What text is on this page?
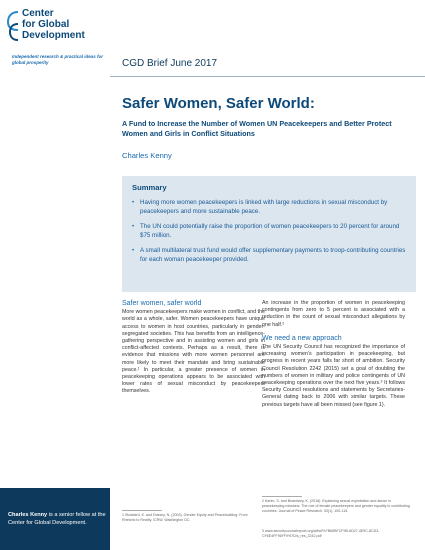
Center
for Global
Development
Independent research & practical ideas for global prosperity
Charles Kenny is a senior fellow at the Center for Global Development.
CGD Brief June 2017
Safer Women, Safer World:
A Fund to Increase the Number of Women UN Peacekeepers and Better Protect Women and Girls in Conflict Situations
Charles Kenny
Summary
• Having more women peacekeepers is linked with large reductions in sexual misconduct by peacekeepers and more sustainable peace.
• The UN could potentially raise the proportion of women peacekeepers to 20 percent for around $75 million.
• A small multilateral trust fund would offer supplementary payments to troop-contributing countries for each woman peacekeeper provided.
Safer women, safer world

More women peacekeepers make women in conflict, and the world as a whole, safer. Women peacekeepers have unique access to women in host countries, particularly in gender-segregated societies. This has benefits from an intelligence-gathering perspective and in assisting women and girls in conflict-affected contexts. Perhaps as a result, there is evidence that missions with more women personnel are more likely to meet their mandate and bring sustainable peace.¹ In particular, a greater presence of women in peacekeeping operations appears to be associated with lower rates of sexual misconduct by peacekeepers themselves.

An increase in the proportion of women in peacekeeping contingents from zero to 5 percent is associated with a reduction in the count of sexual misconduct allegations by one half.²

We need a new approach

The UN Security Council has recognized the importance of increasing women's participation in peacekeeping, but progress in recent years falls far short of ambition. Security Council Resolution 2242 (2015) set a goal of doubling the numbers of women in military and police contingents of UN peacekeeping operations over the next five years.³ It follows Security Council resolutions and statements by Secretaries-General dating back to 2006 with similar targets. These previous targets have all been missed (see figure 1).

1 Stoddard, K. and Dossey, N. (2003). Gender Equity and Peacebuilding: From Rhetoric to Reality. ICRW. Washington DC.
2 Karim, S. and Beardsley, K. (2016). Explaining sexual exploitation and abuse in peacekeeping missions: The role of female peacekeepers and gender equality in contributing countries. Journal of Peace Research, 53(1), 100-115.
3 www.securitycouncilreport.org/atf/cf/%7B65BFCF9B-6D27-4E9C-8CD3-CF6E4FF96FF9%7D/s_res_2242.pdf
